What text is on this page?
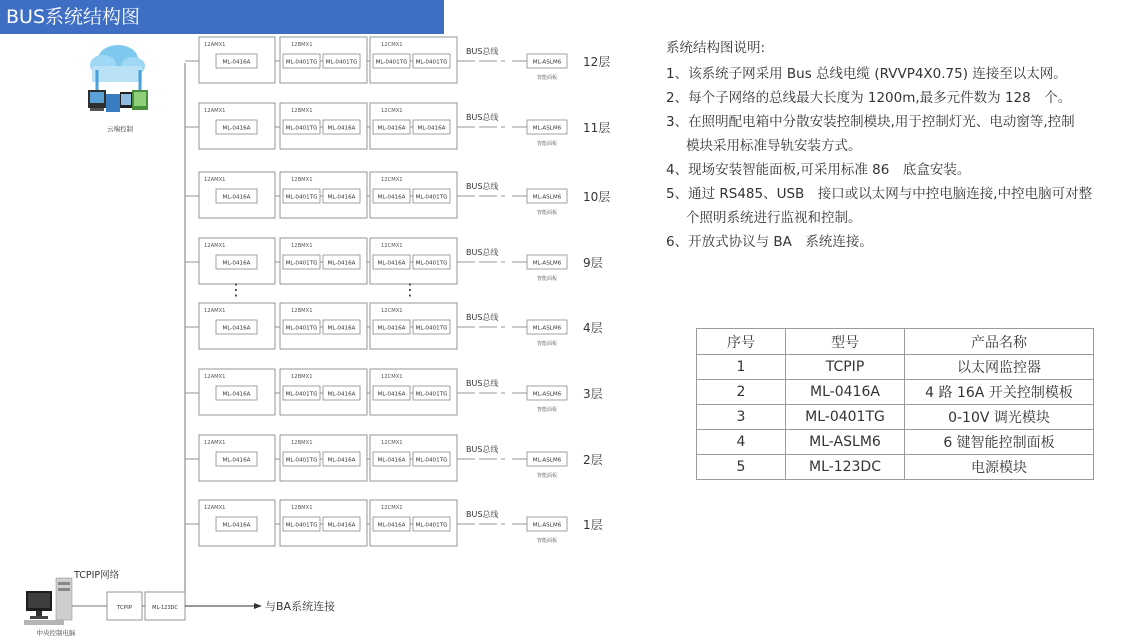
BUS系统结构图
12AMX1
ML-0416A
12BMX1
ML-0401TG ML-0401TG
12CMX1
ML-0401TG ML-0401TG
BUS总线
ML-ASLM6
智能面板
12层
12AMX1
ML-0416A
12BMX1
ML-0401TG ML-0416A
12CMX1
ML-0416A ML-0416A
BUS总线
ML-ASLM6
智能面板
11层
12AMX1
ML-0416A
12BMX1
ML-0401TG ML-0416A
12CMX1
ML-0416A ML-0401TG
BUS总线
ML-ASLM6
智能面板
10层
12AMX1
ML-0416A
12BMX1
ML-0401TG ML-0416A
12CMX1
ML-0416A ML-0401TG
BUS总线
ML-ASLM6
智能面板
9层
12AMX1
ML-0416A
12BMX1
ML-0401TG ML-0416A
12CMX1
ML-0416A ML-0401TG
BUS总线
ML-ASLM6
智能面板
4层
12AMX1
ML-0416A
12BMX1
ML-0401TG ML-0416A
12CMX1
ML-0416A ML-0401TG
BUS总线
ML-ASLM6
智能面板
3层
12AMX1
ML-0416A
12BMX1
ML-0401TG ML-0416A
12CMX1
ML-0416A ML-0401TG
BUS总线
ML-ASLM6
智能面板
2层
12AMX1
ML-0416A
12BMX1
ML-0401TG ML-0416A
12CMX1
ML-0416A ML-0401TG
BUS总线
ML-ASLM6
智能面板
1层
⋮	⋮
云端控制
中央控制电脑
TCPIP网络
TCPIP	ML-123DC	与BA系统连接
系统结构图说明:
1、该系统子网采用 Bus 总线电缆 (RVVP4X0.75) 连接至以太网。
2、每个子网络的总线最大长度为 1200m,最多元件数为 128　个。
3、在照明配电箱中分散安装控制模块,用于控制灯光、电动窗等,控制
模块采用标准导轨安装方式。
4、现场安装智能面板,可采用标准 86　底盒安装。
5、通过 RS485、USB　接口或以太网与中控电脑连接,中控电脑可对整
个照明系统进行监视和控制。
6、开放式协议与 BA　系统连接。
序号	型号	产品名称
1	TCPIP	以太网监控器
2	ML-0416A	4 路 16A 开关控制模板
3	ML-0401TG	0-10V 调光模块
4	ML-ASLM6	6 键智能控制面板
5	ML-123DC	电源模块
